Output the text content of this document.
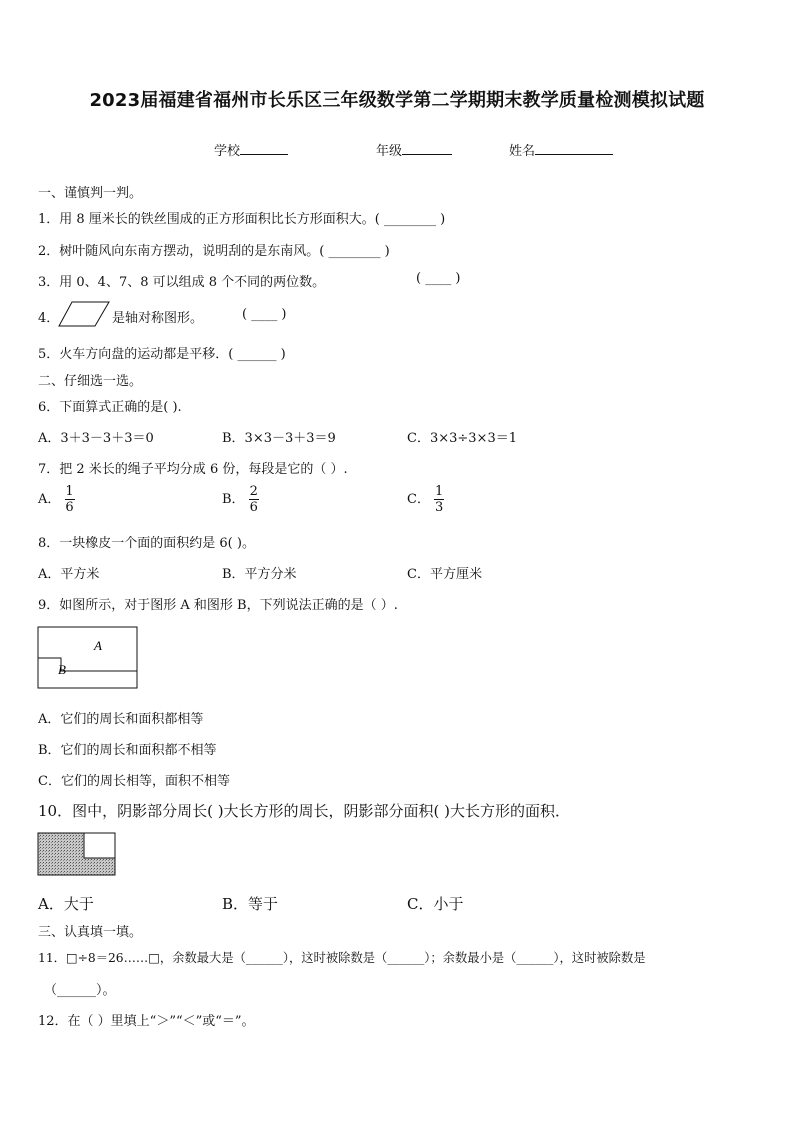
2023届福建省福州市长乐区三年级数学第二学期期末教学质量检测模拟试题
学校	年级	姓名
一、谨慎判一判。
1．用 8 厘米长的铁丝围成的正方形面积比长方形面积大。( ________ )
2．树叶随风向东南方摆动，说明刮的是东南风。( ________ )
3．用 0、4、7、8 可以组成 8 个不同的两位数。	( ____ )
4．	是轴对称图形。	( ____ )
5．火车方向盘的运动都是平移．( ______ )
二、仔细选一选。
6．下面算式正确的是( ).
A．3＋3－3＋3＝0	B．3×3－3＋3＝9	C．3×3÷3×3＝1
7．把 2 米长的绳子平均分成 6 份，每段是它的（ ）.
A． $\frac{1}{6}$	B． $\frac{2}{6}$	C． $\frac{1}{3}$
8．一块橡皮一个面的面积约是 6( )。
A．平方米	B．平方分米	C．平方厘米
9．如图所示，对于图形 A 和图形 B，下列说法正确的是（ ）.
A
B
A．它们的周长和面积都相等
B．它们的周长和面积都不相等
C．它们的周长相等，面积不相等
10．图中，阴影部分周长( )大长方形的周长，阴影部分面积( )大长方形的面积．
A．大于	B．等于	C．小于
三、认真填一填。
11．□÷8＝26……□，余数最大是（______），这时被除数是（______）；余数最小是（______），这时被除数是
（______）。
12．在（ ）里填上“＞”“＜”或“＝”。
